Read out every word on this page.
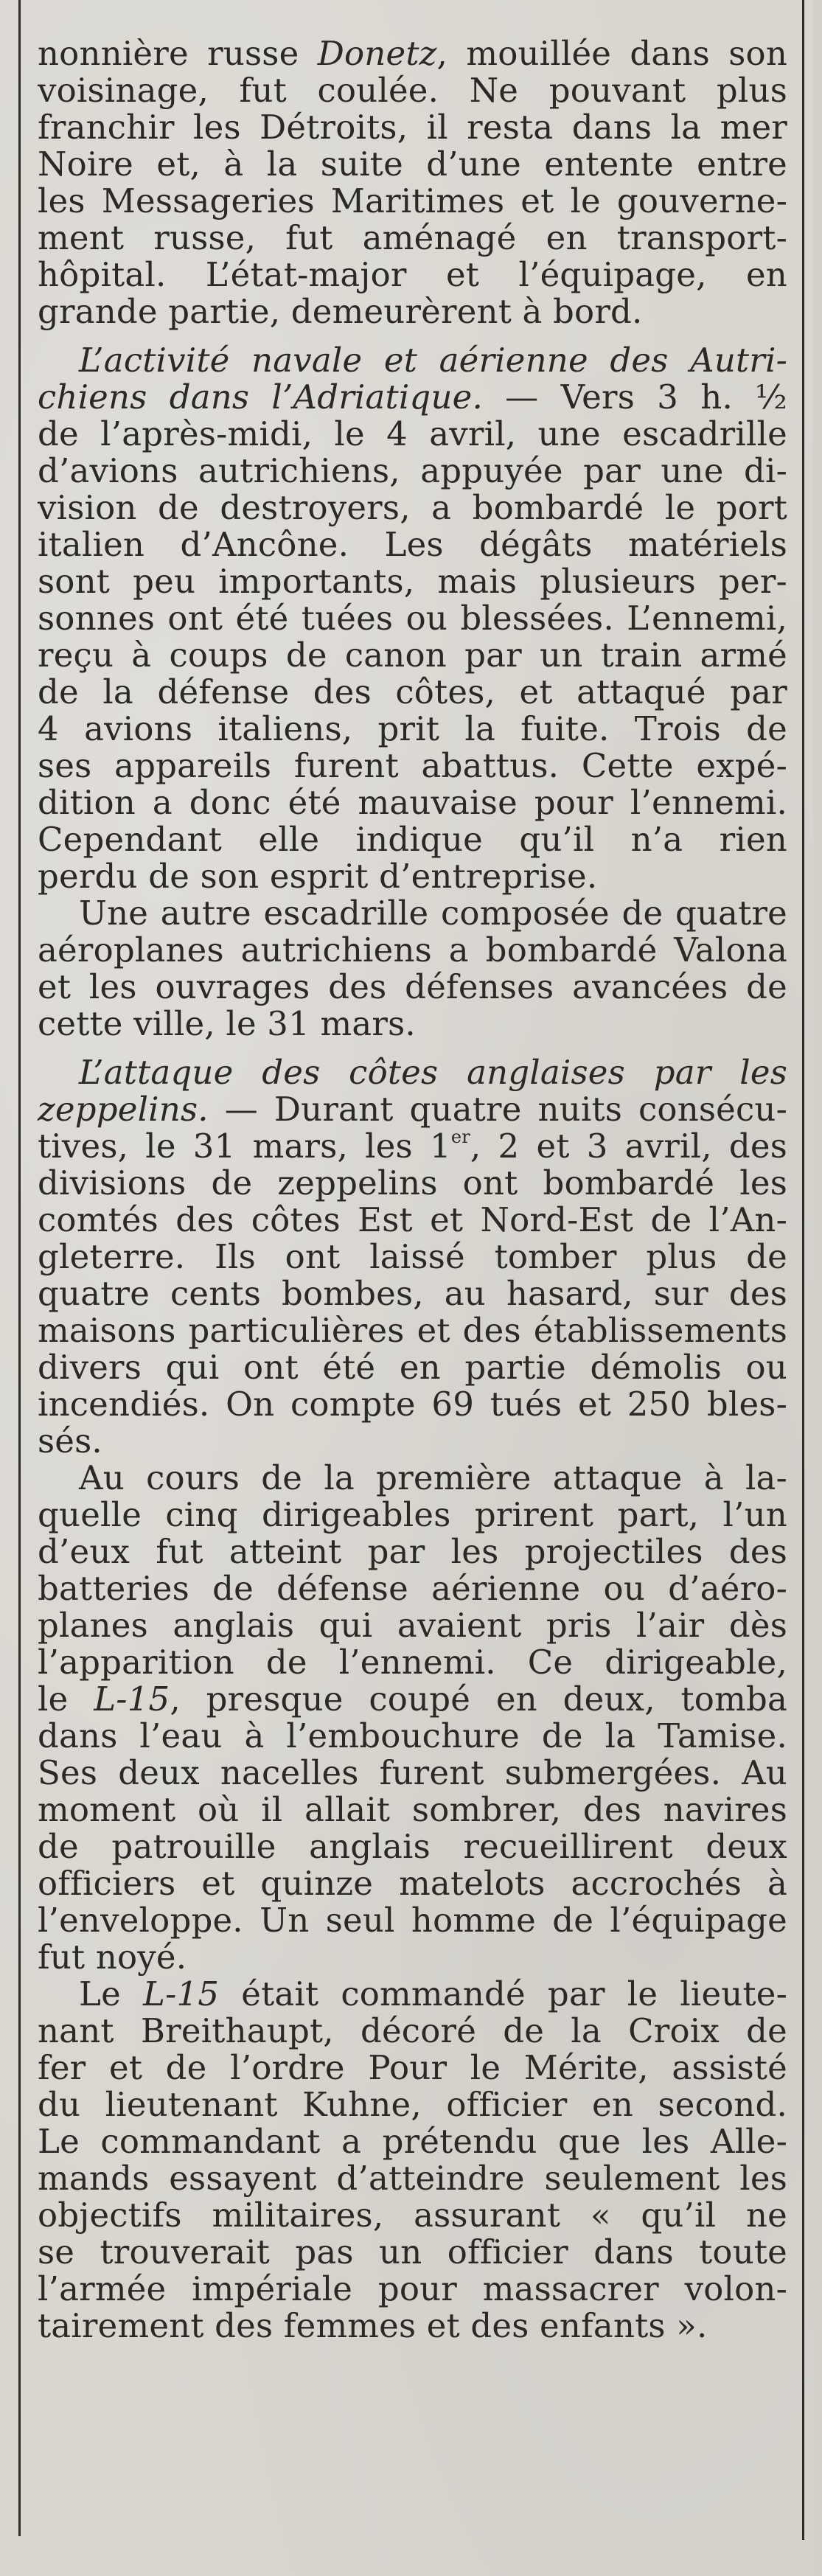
nonnière russe Donetz, mouillée dans son
voisinage, fut coulée. Ne pouvant plus
franchir les Détroits, il resta dans la mer
Noire et, à la suite d’une entente entre
les Messageries Maritimes et le gouverne-
ment russe, fut aménagé en transport-
hôpital. L’état-major et l’équipage, en
grande partie, demeurèrent à bord.
L’activité navale et aérienne des Autri-
chiens dans l’Adriatique. — Vers 3 h. ½
de l’après-midi, le 4 avril, une escadrille
d’avions autrichiens, appuyée par une di-
vision de destroyers, a bombardé le port
italien d’Ancône. Les dégâts matériels
sont peu importants, mais plusieurs per-
sonnes ont été tuées ou blessées. L’ennemi,
reçu à coups de canon par un train armé
de la défense des côtes, et attaqué par
4 avions italiens, prit la fuite. Trois de
ses appareils furent abattus. Cette expé-
dition a donc été mauvaise pour l’ennemi.
Cependant elle indique qu’il n’a rien
perdu de son esprit d’entreprise.
Une autre escadrille composée de quatre
aéroplanes autrichiens a bombardé Valona
et les ouvrages des défenses avancées de
cette ville, le 31 mars.
L’attaque des côtes anglaises par les
zeppelins. — Durant quatre nuits consécu-
tives, le 31 mars, les 1er, 2 et 3 avril, des
divisions de zeppelins ont bombardé les
comtés des côtes Est et Nord-Est de l’An-
gleterre. Ils ont laissé tomber plus de
quatre cents bombes, au hasard, sur des
maisons particulières et des établissements
divers qui ont été en partie démolis ou
incendiés. On compte 69 tués et 250 bles-
sés.
Au cours de la première attaque à la-
quelle cinq dirigeables prirent part, l’un
d’eux fut atteint par les projectiles des
batteries de défense aérienne ou d’aéro-
planes anglais qui avaient pris l’air dès
l’apparition de l’ennemi. Ce dirigeable,
le L-15, presque coupé en deux, tomba
dans l’eau à l’embouchure de la Tamise.
Ses deux nacelles furent submergées. Au
moment où il allait sombrer, des navires
de patrouille anglais recueillirent deux
officiers et quinze matelots accrochés à
l’enveloppe. Un seul homme de l’équipage
fut noyé.
Le L-15 était commandé par le lieute-
nant Breithaupt, décoré de la Croix de
fer et de l’ordre Pour le Mérite, assisté
du lieutenant Kuhne, officier en second.
Le commandant a prétendu que les Alle-
mands essayent d’atteindre seulement les
objectifs militaires, assurant « qu’il ne
se trouverait pas un officier dans toute
l’armée impériale pour massacrer volon-
tairement des femmes et des enfants ».
